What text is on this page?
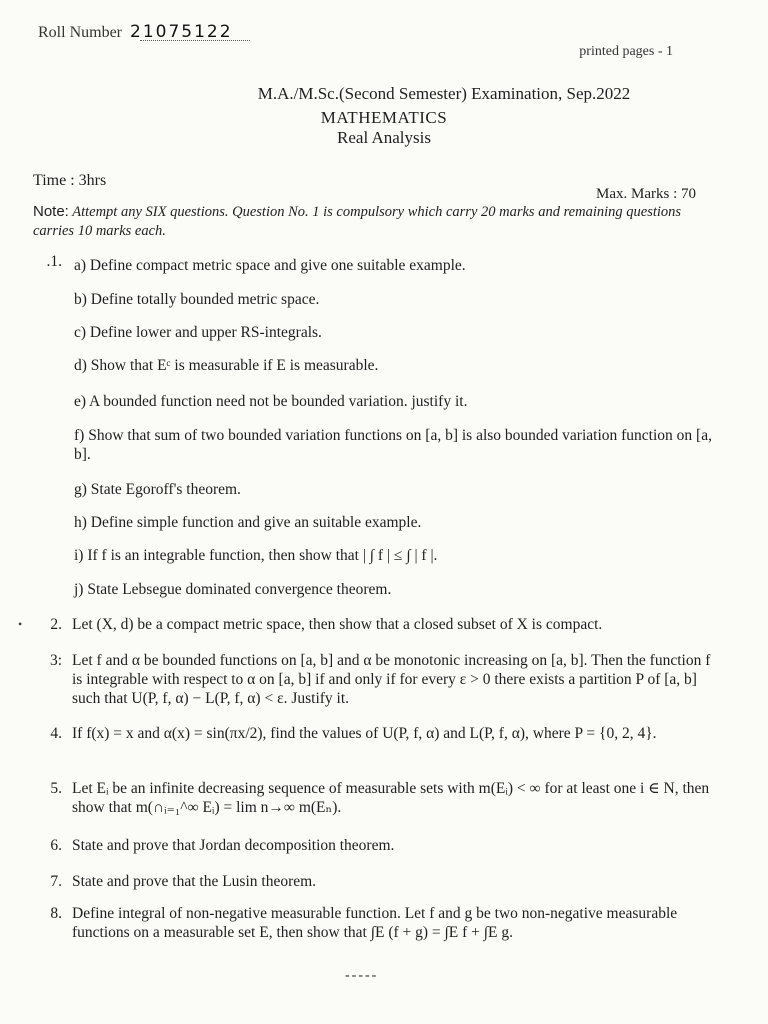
Roll Number 21075122
printed pages - 1
M.A./M.Sc.(Second Semester) Examination, Sep.2022
MATHEMATICS
Real Analysis
Time : 3hrs
Max. Marks : 70
Note: Attempt any SIX questions. Question No. 1 is compulsory which carry 20 marks and remaining questions carries 10 marks each.
.1. a) Define compact metric space and give one suitable example.
b) Define totally bounded metric space.
c) Define lower and upper RS-integrals.
d) Show that Eᶜ is measurable if E is measurable.
e) A bounded function need not be bounded variation. justify it.
f) Show that sum of two bounded variation functions on [a, b] is also bounded variation function on [a, b].
g) State Egoroff's theorem.
h) Define simple function and give an suitable example.
i) If f is an integrable function, then show that | ∫ f | ≤ ∫ | f |.
j) State Lebsegue dominated convergence theorem.
2. Let (X, d) be a compact metric space, then show that a closed subset of X is compact.
•
3: Let f and α be bounded functions on [a, b] and α be monotonic increasing on [a, b]. Then the function f is integrable with respect to α on [a, b] if and only if for every ε > 0 there exists a partition P of [a, b] such that U(P, f, α) − L(P, f, α) < ε. Justify it.
4. If f(x) = x and α(x) = sin(πx/2), find the values of U(P, f, α) and L(P, f, α), where P = {0, 2, 4}.
5. Let Eᵢ be an infinite decreasing sequence of measurable sets with m(Eᵢ) < ∞ for at least one i ∈ N, then show that m(∩ᵢ₌₁^∞ Eᵢ) = lim n→∞ m(Eₙ).
6. State and prove that Jordan decomposition theorem.
7. State and prove that the Lusin theorem.
8. Define integral of non-negative measurable function. Let f and g be two non-negative measurable functions on a measurable set E, then show that ∫E (f + g) = ∫E f + ∫E g.
-----
